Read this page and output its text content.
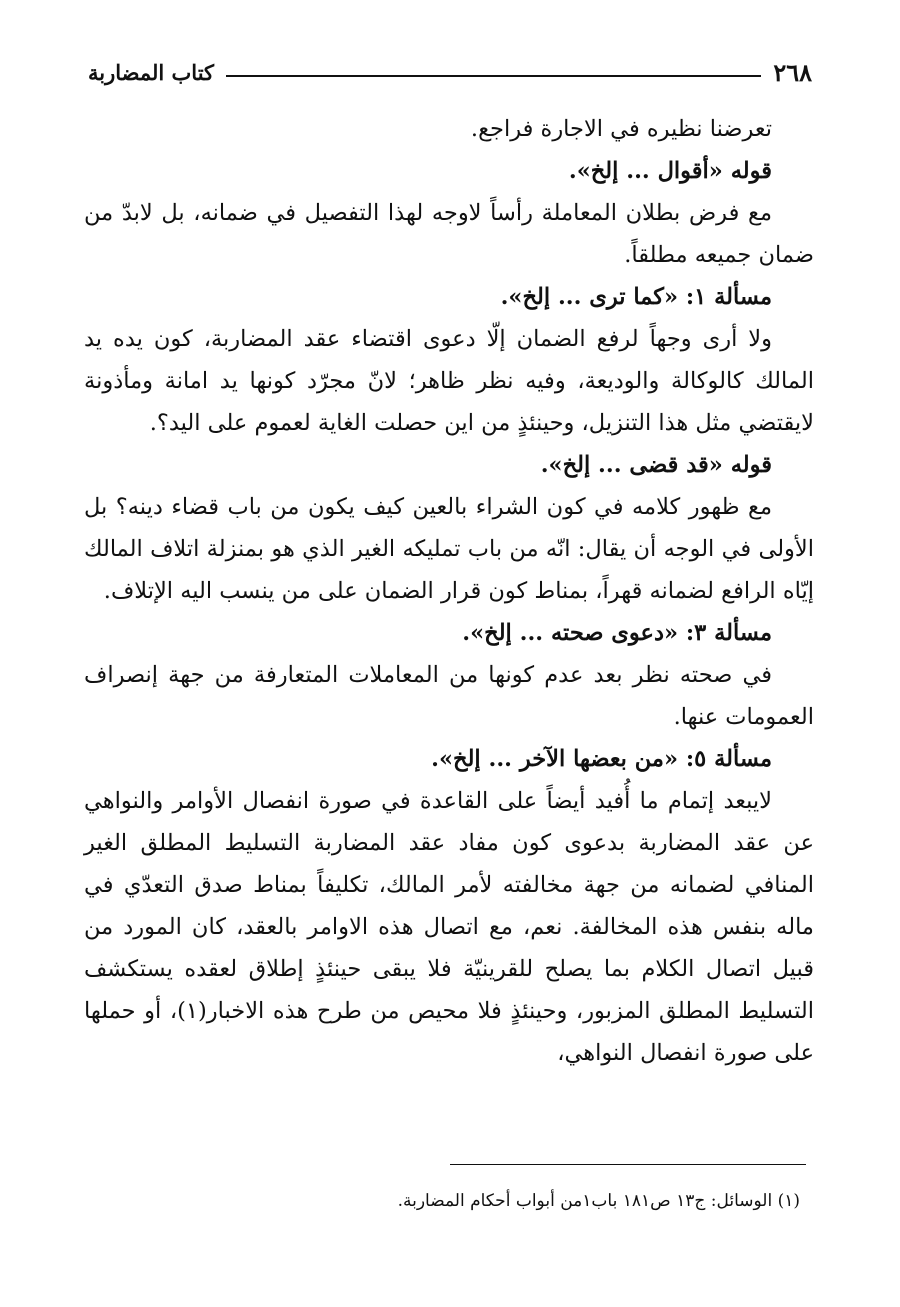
٢٦٨
كتاب المضاربة

تعرضنا نظيره في الاجارة فراجع.

قوله «أقوال ... إلخ».

مع فرض بطلان المعاملة رأساً لاوجه لهذا التفصيل في ضمانه، بل لابدّ من ضمان جميعه مطلقاً.

مسألة ١: «كما ترى ... إلخ».

ولا أرى وجهاً لرفع الضمان إلّا دعوى اقتضاء عقد المضاربة، كون يده يد المالك كالوكالة والوديعة، وفيه نظر ظاهر؛ لانّ مجرّد كونها يد امانة ومأذونة لايقتضي مثل هذا التنزيل، وحينئذٍ من اين حصلت الغاية لعموم على اليد؟.

قوله «قد قضى ... إلخ».

مع ظهور كلامه في كون الشراء بالعين كيف يكون من باب قضاء دينه؟ بل الأولى في الوجه أن يقال: انّه من باب تمليكه الغير الذي هو بمنزلة اتلاف المالك إيّاه الرافع لضمانه قهراً، بمناط كون قرار الضمان على من ينسب اليه الإتلاف.

مسألة ٣: «دعوى صحته ... إلخ».

في صحته نظر بعد عدم كونها من المعاملات المتعارفة من جهة إنصراف العمومات عنها.

مسألة ٥: «من بعضها الآخر ... إلخ».

لايبعد إتمام ما أُفيد أيضاً على القاعدة في صورة انفصال الأوامر والنواهي عن عقد المضاربة بدعوى كون مفاد عقد المضاربة التسليط المطلق الغير المنافي لضمانه من جهة مخالفته لأمر المالك، تكليفاً بمناط صدق التعدّي في ماله بنفس هذه المخالفة. نعم، مع اتصال هذه الاوامر بالعقد، كان المورد من قبيل اتصال الكلام بما يصلح للقرينيّة فلا يبقى حينئذٍ إطلاق لعقده يستكشف التسليط المطلق المزبور، وحينئذٍ فلا محيص من طرح هذه الاخبار(١)، أو حملها على صورة انفصال النواهي،

(١) الوسائل: ج١٣ ص١٨١ باب١من أبواب أحكام المضاربة.
